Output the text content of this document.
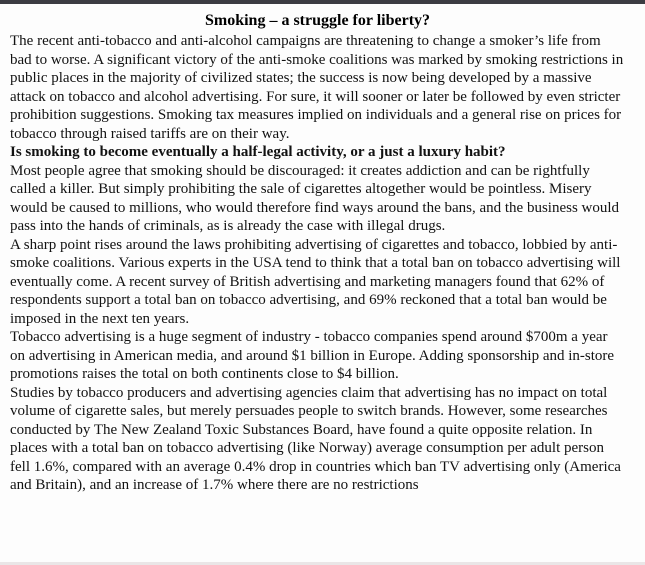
Smoking – a struggle for liberty?

The recent anti-tobacco and anti-alcohol campaigns are threatening to change a smoker’s life from bad to worse. A significant victory of the anti-smoke coalitions was marked by smoking restrictions in public places in the majority of civilized states; the success is now being developed by a massive attack on tobacco and alcohol advertising. For sure, it will sooner or later be followed by even stricter prohibition suggestions. Smoking tax measures implied on individuals and a general rise on prices for tobacco through raised tariffs are on their way.

Is smoking to become eventually a half-legal activity, or a just a luxury habit?

Most people agree that smoking should be discouraged: it creates addiction and can be rightfully called a killer. But simply prohibiting the sale of cigarettes altogether would be pointless. Misery would be caused to millions, who would therefore find ways around the bans, and the business would pass into the hands of criminals, as is already the case with illegal drugs.

A sharp point rises around the laws prohibiting advertising of cigarettes and tobacco, lobbied by anti-smoke coalitions. Various experts in the USA tend to think that a total ban on tobacco advertising will eventually come. A recent survey of British advertising and marketing managers found that 62% of respondents support a total ban on tobacco advertising, and 69% reckoned that a total ban would be imposed in the next ten years.

Tobacco advertising is a huge segment of industry - tobacco companies spend around $700m a year on advertising in American media, and around $1 billion in Europe. Adding sponsorship and in-store promotions raises the total on both continents close to $4 billion.

Studies by tobacco producers and advertising agencies claim that advertising has no impact on total volume of cigarette sales, but merely persuades people to switch brands. However, some researches conducted by The New Zealand Toxic Substances Board, have found a quite opposite relation. In places with a total ban on tobacco advertising (like Norway) average consumption per adult person fell 1.6%, compared with an average 0.4% drop in countries which ban TV advertising only (America and Britain), and an increase of 1.7% where there are no restrictions
